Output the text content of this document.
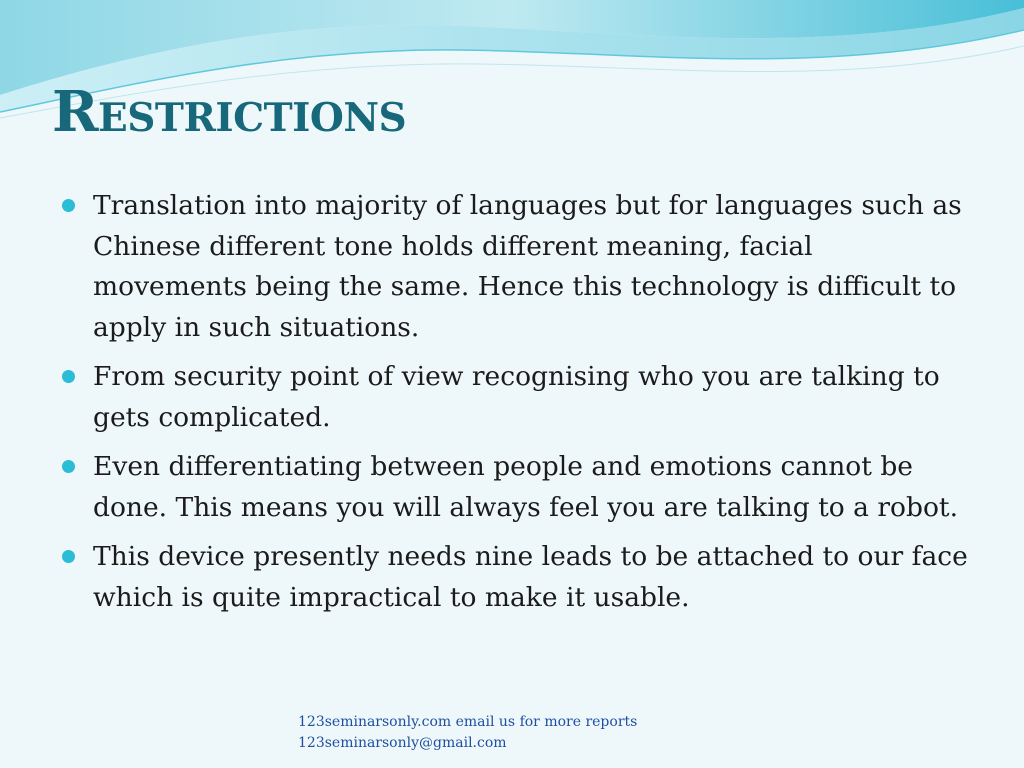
Restrictions
Translation into majority of languages but for languages such as Chinese different tone holds different meaning, facial movements being the same. Hence this technology is difficult to apply in such situations.
From security point of view recognising who you are talking to gets complicated.
Even differentiating between people and emotions cannot be done. This means you will always feel you are talking to a robot.
This device presently needs nine leads to be attached to our face which is quite impractical to make it usable.
123seminarsonly.com email us for more reports
123seminarsonly@gmail.com
